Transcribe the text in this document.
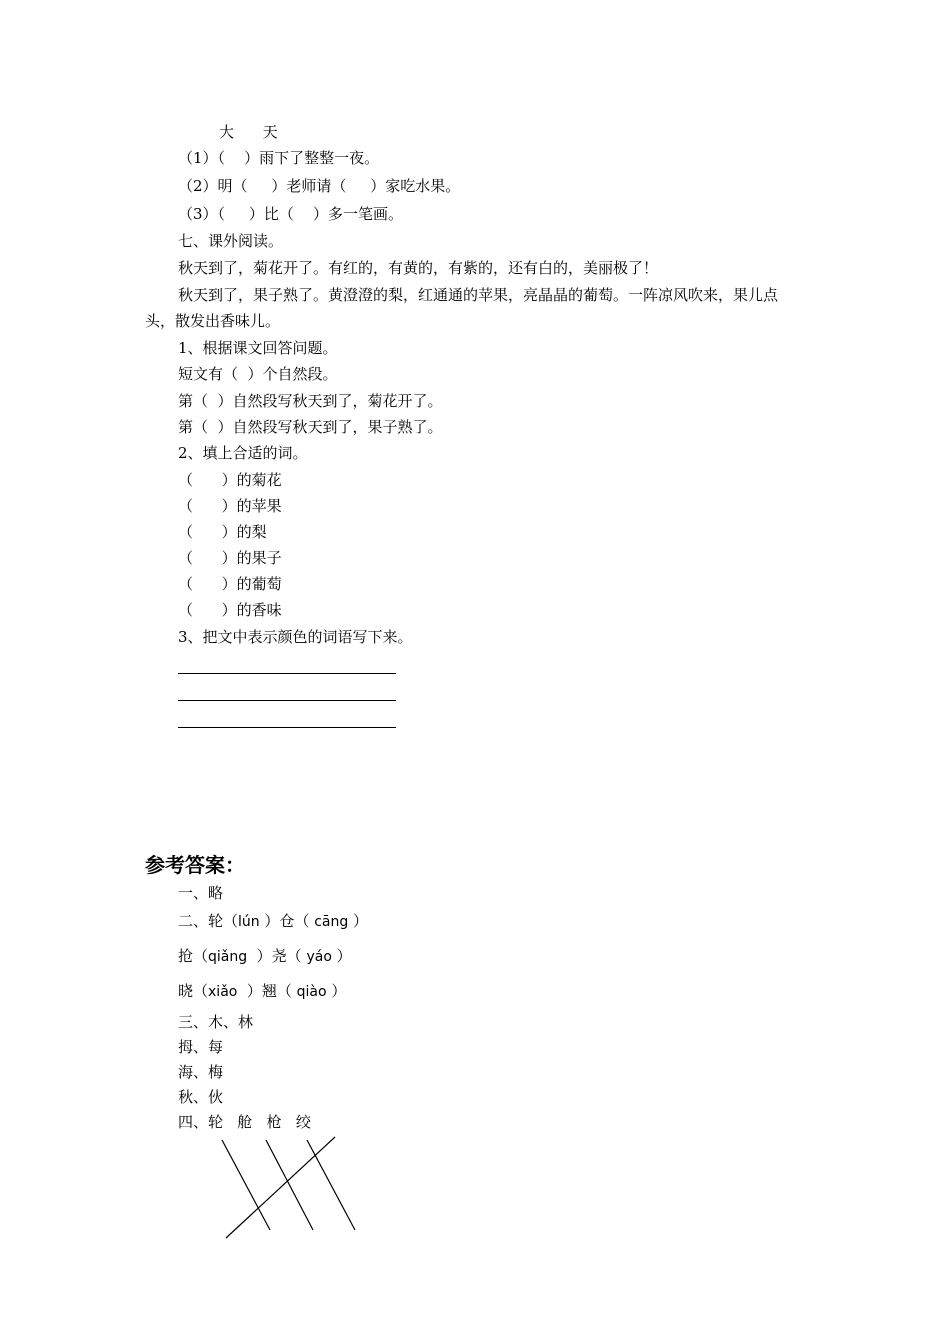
大      天
（1）（    ）雨下了整整一夜。
（2）明（     ）老师请（     ）家吃水果。
（3）（     ）比（    ）多一笔画。
七、课外阅读。
秋天到了，菊花开了。有红的，有黄的，有紫的，还有白的，美丽极了！
秋天到了，果子熟了。黄澄澄的梨，红通通的苹果，亮晶晶的葡萄。一阵凉风吹来，果儿点
头，散发出香味儿。
1、根据课文回答问题。
短文有（  ）个自然段。
第（  ）自然段写秋天到了，菊花开了。
第（  ）自然段写秋天到了，果子熟了。
2、填上合适的词。
（      ）的菊花
（      ）的苹果
（      ）的梨
（      ）的果子
（      ）的葡萄
（      ）的香味
3、把文中表示颜色的词语写下来。
参考答案：
一、略
二、轮（lún ）仓（ cāng ）
抢（qiǎng  ）尧（ yáo ）
晓（xiǎo  ）翘（ qiào ）
三、木、林
拇、每
海、梅
秋、伙
四、轮   舱   枪   绞
